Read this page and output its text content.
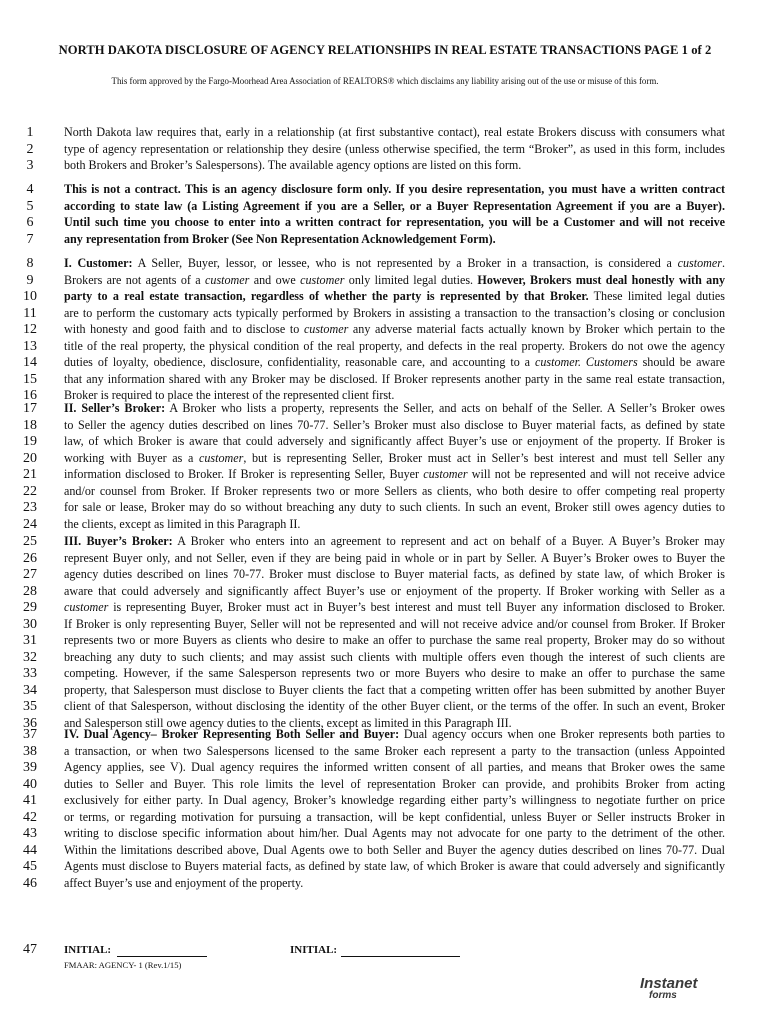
NORTH DAKOTA DISCLOSURE OF AGENCY RELATIONSHIPS IN REAL ESTATE TRANSACTIONS PAGE 1 of 2
This form approved by the Fargo-Moorhead Area Association of REALTORS® which disclaims any liability arising out of the use or misuse of this form.
1	North Dakota law requires that, early in a relationship (at first substantive contact), real estate Brokers discuss with consumers what
2	type of agency representation or relationship they desire (unless otherwise specified, the term “Broker”, as used in this form, includes
3	both Brokers and Broker’s Salespersons). The available agency options are listed on this form.
4	This is not a contract. This is an agency disclosure form only. If you desire representation, you must have a written contract
5	according to state law (a Listing Agreement if you are a Seller, or a Buyer Representation Agreement if you are a Buyer).
6	Until such time you choose to enter into a written contract for representation, you will be a Customer and will not receive
7	any representation from Broker (See Non Representation Acknowledgement Form).
8	I. Customer: A Seller, Buyer, lessor, or lessee, who is not represented by a Broker in a transaction, is considered a customer.
9	Brokers are not agents of a customer and owe customer only limited legal duties. However, Brokers must deal honestly with any
10	party to a real estate transaction, regardless of whether the party is represented by that Broker. These limited legal duties
11	are to perform the customary acts typically performed by Brokers in assisting a transaction to the transaction’s closing or conclusion
12	with honesty and good faith and to disclose to customer any adverse material facts actually known by Broker which pertain to the
13	title of the real property, the physical condition of the real property, and defects in the real property. Brokers do not owe the agency
14	duties of loyalty, obedience, disclosure, confidentiality, reasonable care, and accounting to a customer. Customers should be aware
15	that any information shared with any Broker may be disclosed. If Broker represents another party in the same real estate transaction,
16	Broker is required to place the interest of the represented client first.
17	II. Seller’s Broker: A Broker who lists a property, represents the Seller, and acts on behalf of the Seller. A Seller’s Broker owes
18	to Seller the agency duties described on lines 70-77. Seller’s Broker must also disclose to Buyer material facts, as defined by state
19	law, of which Broker is aware that could adversely and significantly affect Buyer’s use or enjoyment of the property. If Broker is
20	working with Buyer as a customer, but is representing Seller, Broker must act in Seller’s best interest and must tell Seller any
21	information disclosed to Broker. If Broker is representing Seller, Buyer customer will not be represented and will not receive advice
22	and/or counsel from Broker. If Broker represents two or more Sellers as clients, who both desire to offer competing real property
23	for sale or lease, Broker may do so without breaching any duty to such clients. In such an event, Broker still owes agency duties to
24	the clients, except as limited in this Paragraph II.
25	III. Buyer’s Broker: A Broker who enters into an agreement to represent and act on behalf of a Buyer. A Buyer’s Broker may
26	represent Buyer only, and not Seller, even if they are being paid in whole or in part by Seller. A Buyer’s Broker owes to Buyer the
27	agency duties described on lines 70-77. Broker must disclose to Buyer material facts, as defined by state law, of which Broker is
28	aware that could adversely and significantly affect Buyer’s use or enjoyment of the property. If Broker working with Seller as a
29	customer is representing Buyer, Broker must act in Buyer’s best interest and must tell Buyer any information disclosed to Broker.
30	If Broker is only representing Buyer, Seller will not be represented and will not receive advice and/or counsel from Broker. If Broker
31	represents two or more Buyers as clients who desire to make an offer to purchase the same real property, Broker may do so without
32	breaching any duty to such clients; and may assist such clients with multiple offers even though the interest of such clients are
33	competing. However, if the same Salesperson represents two or more Buyers who desire to make an offer to purchase the same
34	property, that Salesperson must disclose to Buyer clients the fact that a competing written offer has been submitted by another Buyer
35	client of that Salesperson, without disclosing the identity of the other Buyer client, or the terms of the offer. In such an event, Broker
36	and Salesperson still owe agency duties to the clients, except as limited in this Paragraph III.
37	IV. Dual Agency– Broker Representing Both Seller and Buyer: Dual agency occurs when one Broker represents both parties to
38	a transaction, or when two Salespersons licensed to the same Broker each represent a party to the transaction (unless Appointed
39	Agency applies, see V). Dual agency requires the informed written consent of all parties, and means that Broker owes the same
40	duties to Seller and Buyer. This role limits the level of representation Broker can provide, and prohibits Broker from acting
41	exclusively for either party. In Dual agency, Broker’s knowledge regarding either party’s willingness to negotiate further on price
42	or terms, or regarding motivation for pursuing a transaction, will be kept confidential, unless Buyer or Seller instructs Broker in
43	writing to disclose specific information about him/her. Dual Agents may not advocate for one party to the detriment of the other.
44	Within the limitations described above, Dual Agents owe to both Seller and Buyer the agency duties described on lines 70-77. Dual
45	Agents must disclose to Buyers material facts, as defined by state law, of which Broker is aware that could adversely and significantly
46	affect Buyer’s use and enjoyment of the property.
47	INITIAL:	INITIAL:
FMAAR: AGENCY- 1 (Rev.1/15)
Instanet
forms
